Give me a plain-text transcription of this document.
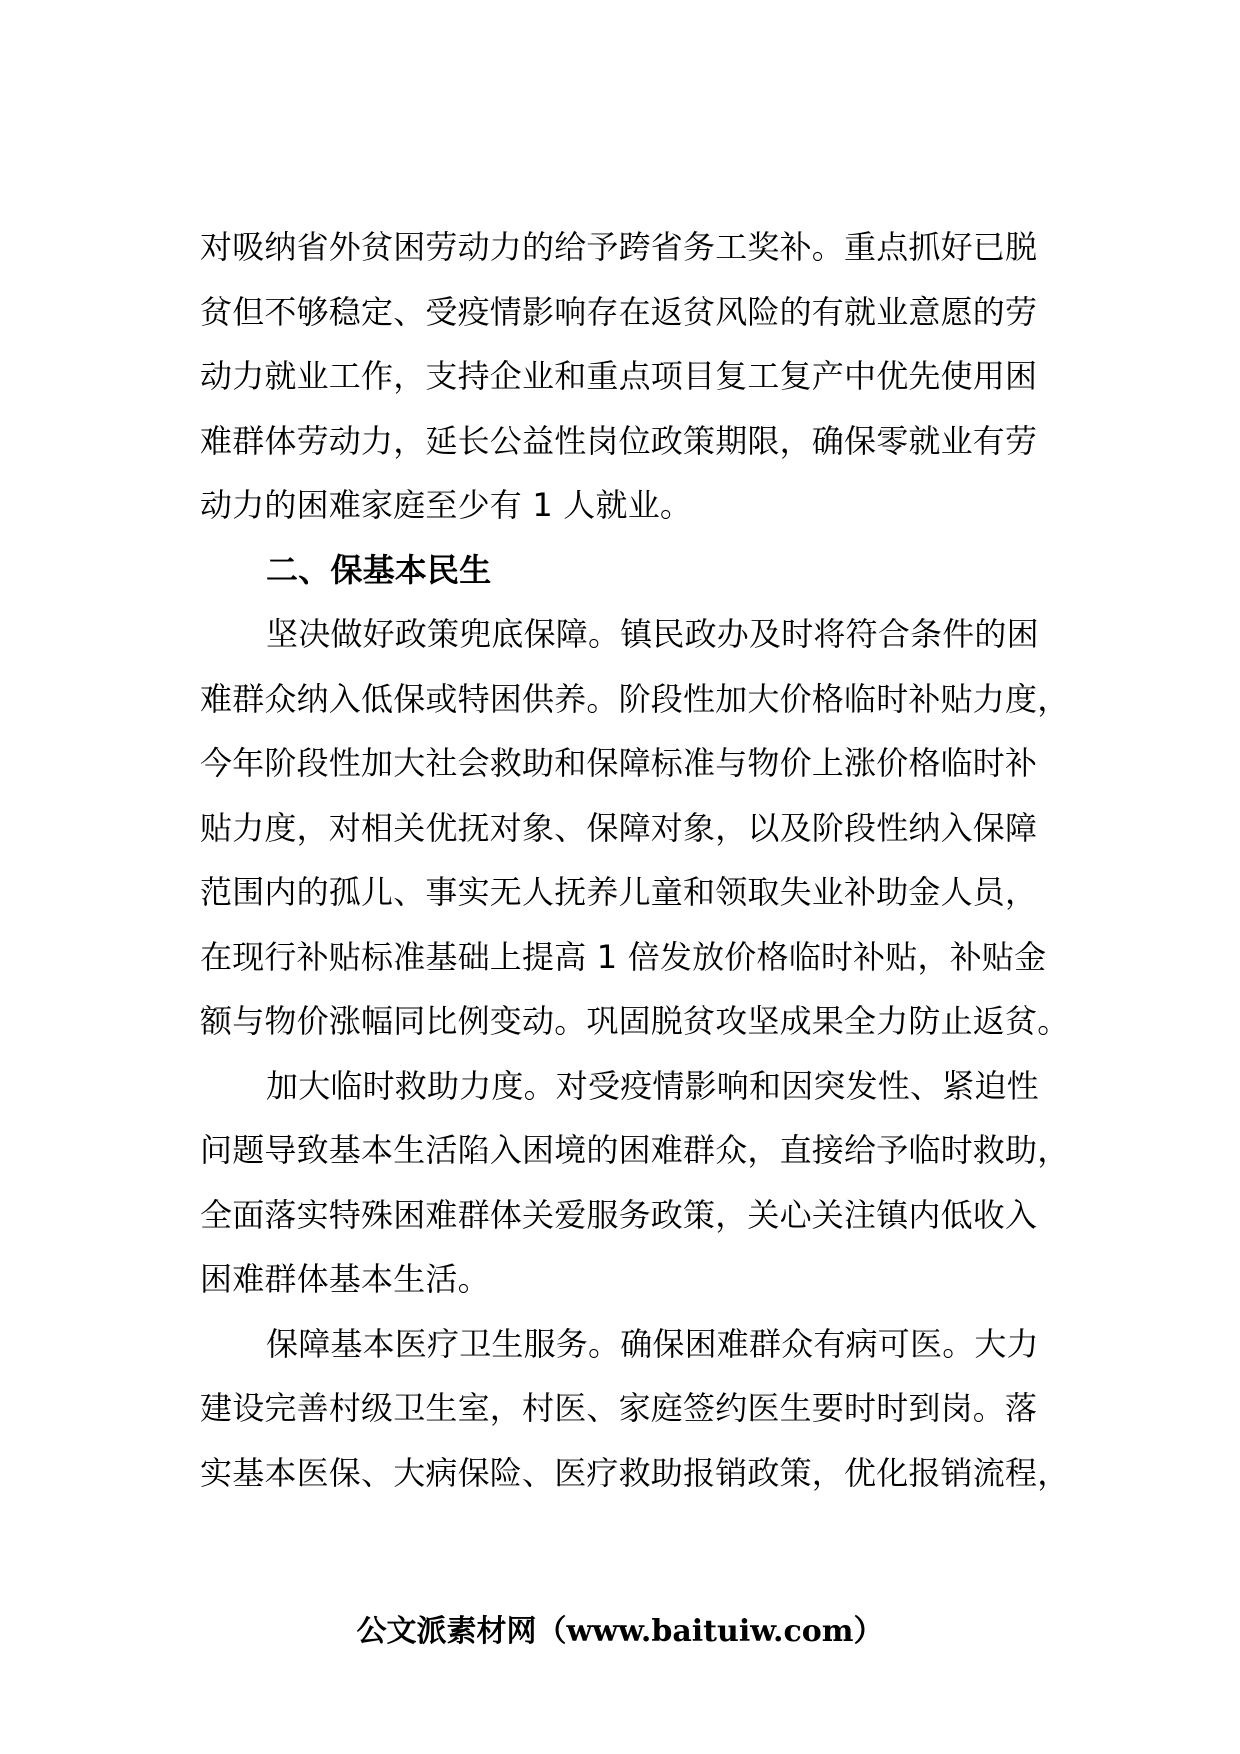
对吸纳省外贫困劳动力的给予跨省务工奖补。重点抓好已脱
贫但不够稳定、受疫情影响存在返贫风险的有就业意愿的劳
动力就业工作，支持企业和重点项目复工复产中优先使用困
难群体劳动力，延长公益性岗位政策期限，确保零就业有劳
动力的困难家庭至少有 1 人就业。
二、保基本民生
坚决做好政策兜底保障。镇民政办及时将符合条件的困
难群众纳入低保或特困供养。阶段性加大价格临时补贴力度，
今年阶段性加大社会救助和保障标准与物价上涨价格临时补
贴力度，对相关优抚对象、保障对象，以及阶段性纳入保障
范围内的孤儿、事实无人抚养儿童和领取失业补助金人员，
在现行补贴标准基础上提高 1 倍发放价格临时补贴，补贴金
额与物价涨幅同比例变动。巩固脱贫攻坚成果全力防止返贫。
加大临时救助力度。对受疫情影响和因突发性、紧迫性
问题导致基本生活陷入困境的困难群众，直接给予临时救助，
全面落实特殊困难群体关爱服务政策，关心关注镇内低收入
困难群体基本生活。
保障基本医疗卫生服务。确保困难群众有病可医。大力
建设完善村级卫生室，村医、家庭签约医生要时时到岗。落
实基本医保、大病保险、医疗救助报销政策，优化报销流程，
公文派素材网（www.baituiw.com）
